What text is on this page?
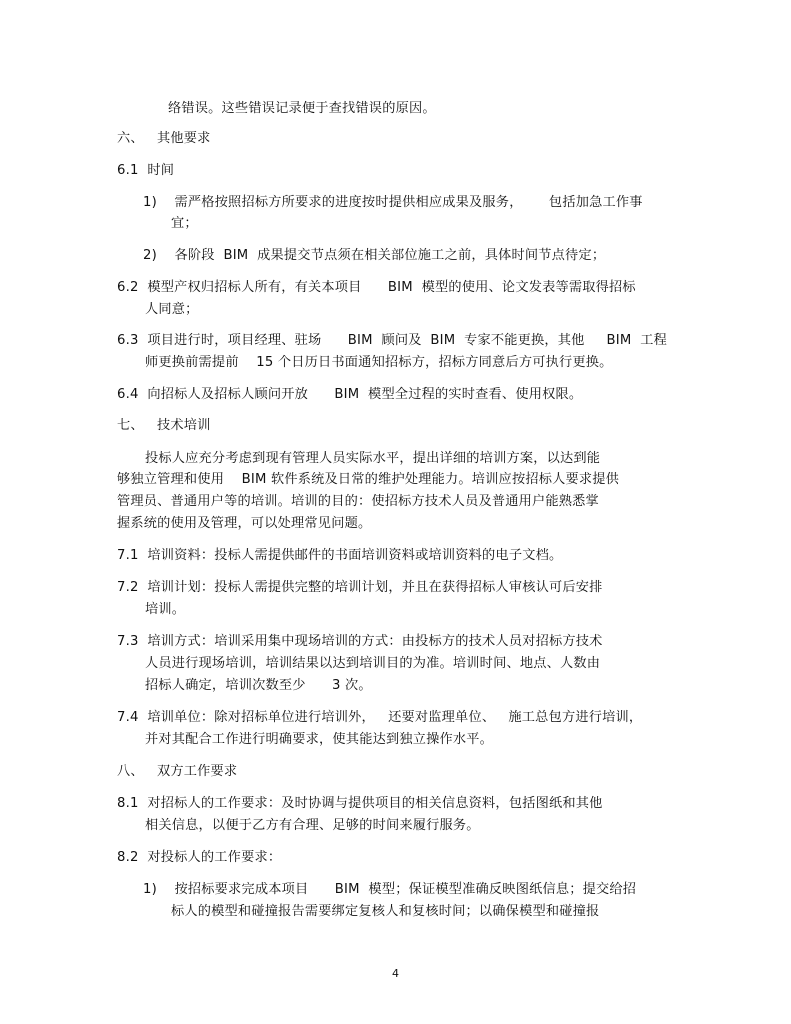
络错误。这些错误记录便于查找错误的原因。
六、   其他要求
6.1  时间
1)    需严格按照招标方所要求的进度按时提供相应成果及服务，      包括加急工作事
宜；
2)    各阶段  BIM  成果提交节点须在相关部位施工之前，具体时间节点待定；
6.2  模型产权归招标人所有，有关本项目      BIM  模型的使用、论文发表等需取得招标
人同意；
6.3  项目进行时，项目经理、驻场      BIM  顾问及  BIM  专家不能更换，其他     BIM  工程
师更换前需提前    15 个日历日书面通知招标方，招标方同意后方可执行更换。
6.4  向招标人及招标人顾问开放      BIM  模型全过程的实时查看、使用权限。
七、   技术培训
投标人应充分考虑到现有管理人员实际水平，提出详细的培训方案，以达到能
够独立管理和使用    BIM 软件系统及日常的维护处理能力。培训应按招标人要求提供
管理员、普通用户等的培训。培训的目的：使招标方技术人员及普通用户能熟悉掌
握系统的使用及管理，可以处理常见问题。
7.1  培训资料：投标人需提供邮件的书面培训资料或培训资料的电子文档。
7.2  培训计划：投标人需提供完整的培训计划，并且在获得招标人审核认可后安排
培训。
7.3  培训方式：培训采用集中现场培训的方式：由投标方的技术人员对招标方技术
人员进行现场培训，培训结果以达到培训目的为准。培训时间、地点、人数由
招标人确定，培训次数至少      3 次。
7.4  培训单位：除对招标单位进行培训外，   还要对监理单位、   施工总包方进行培训，
并对其配合工作进行明确要求，使其能达到独立操作水平。
八、   双方工作要求
8.1  对招标人的工作要求：及时协调与提供项目的相关信息资料，包括图纸和其他
相关信息，以便于乙方有合理、足够的时间来履行服务。
8.2  对投标人的工作要求：
1)    按招标要求完成本项目      BIM  模型；保证模型准确反映图纸信息；提交给招
标人的模型和碰撞报告需要绑定复核人和复核时间；以确保模型和碰撞报
4
